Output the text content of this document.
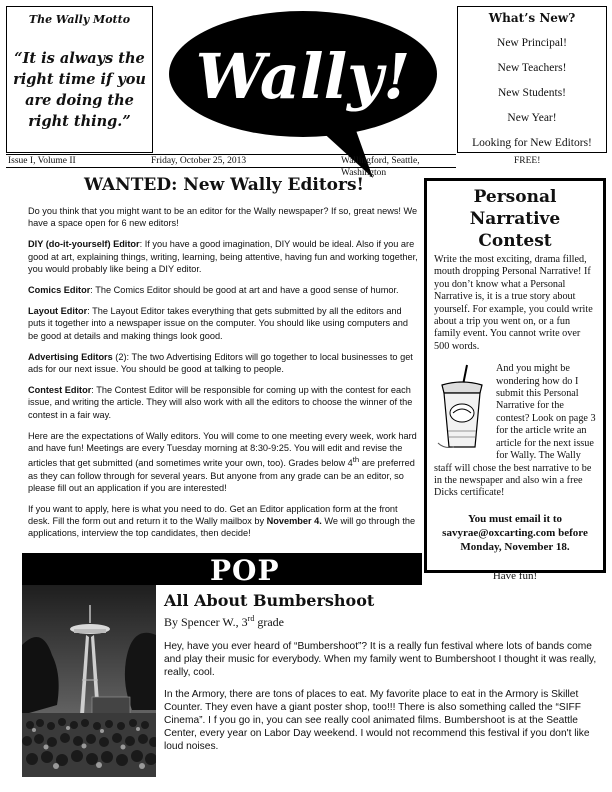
The Wally Motto
“It is always the right time if you are doing the right thing.”
Wally!
What’s New?
New Principal!
New Teachers!
New Students!
New Year!
Looking for New Editors!
Issue I, Volume II	Friday, October 25, 2013	Wallingford, Seattle, Washington
FREE!
WANTED: New Wally Editors!

Do you think that you might want to be an editor for the Wally newspaper? If so, great news! We have a space open for 6 new editors!

DIY (do-it-yourself) Editor: If you have a good imagination, DIY would be ideal. Also if you are good at art, explaining things, writing, learning, being attentive, having fun and working together, you would probably like being a DIY editor.

Comics Editor: The Comics Editor should be good at art and have a good sense of humor.

Layout Editor: The Layout Editor takes everything that gets submitted by all the editors and puts it together into a newspaper issue on the computer. You should like using computers and be good at details and making things look good.

Advertising Editors (2): The two Advertising Editors will go together to local businesses to get ads for our next issue. You should be good at talking to people.

Contest Editor: The Contest Editor will be responsible for coming up with the contest for each issue, and writing the article. They will also work with all the editors to choose the winner of the contest in a fair way.

Here are the expectations of Wally editors. You will come to one meeting every week, work hard and have fun! Meetings are every Tuesday morning at 8:30-9:25. You will edit and revise the articles that get submitted (and sometimes write your own, too). Grades below 4th are preferred as they can follow through for several years. But anyone from any grade can be an editor, so please fill out an application if you are interested!

If you want to apply, here is what you need to do. Get an Editor application form at the front desk. Fill the form out and return it to the Wally mailbox by November 4. We will go through the applications, interview the top candidates, then decide!

Personal Narrative Contest

Write the most exciting, drama filled, mouth dropping Personal Narrative! If you don’t know what a Personal Narrative is, it is a true story about yourself. For example, you could write about a trip you went on, or a fun family event. You cannot write over 500 words.

And you might be wondering how do I submit this Personal Narrative for the contest? Look on page 3 for the article write an article for the next issue for Wally. The Wally staff will chose the best narrative to be in the newspaper and also win a free Dicks certificate!

You must email it to savyrae@oxcarting.com before Monday, November 18.
Have fun!
POP
All About Bumbershoot
By Spencer W., 3rd grade

Hey, have you ever heard of “Bumbershoot”? It is a really fun festival where lots of bands come and play their music for everybody. When my family went to Bumbershoot I thought it was really, really, cool.

In the Armory, there are tons of places to eat. My favorite place to eat in the Armory is Skillet Counter. They even have a giant poster shop, too!!! There is also something called the “SIFF Cinema”. I f you go in, you can see really cool animated films. Bumbershoot is at the Seattle Center, every year on Labor Day weekend. I would not recommend this festival if you don't like loud noises.
